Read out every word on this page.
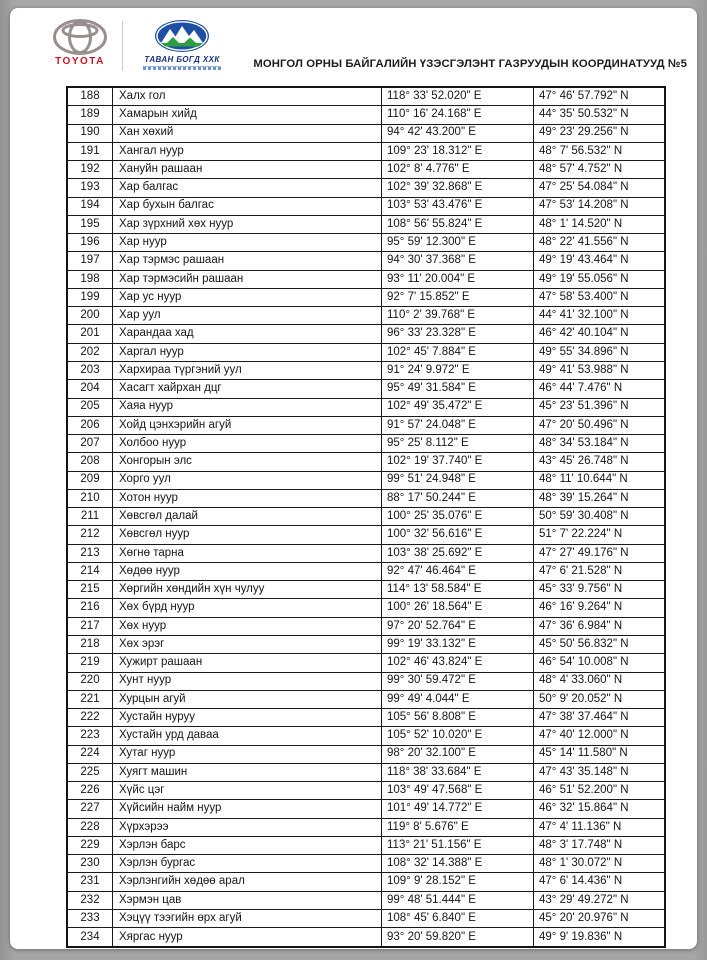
TOYOTA	ТАВАН БОГД ХХК	МОНГОЛ ОРНЫ БАЙГАЛИЙН ҮЗЭСГЭЛЭНТ ГАЗРУУДЫН КООРДИНАТУУД №5
188	Халх гол	118° 33' 52.020" E	47° 46' 57.792" N
189	Хамарын хийд	110° 16' 24.168" E	44° 35' 50.532" N
190	Хан хөхий	94° 42' 43.200" E	49° 23' 29.256" N
191	Хангал нуур	109° 23' 18.312" E	48° 7' 56.532" N
192	Хануйн рашаан	102° 8' 4.776" E	48° 57' 4.752" N
193	Хар балгас	102° 39' 32.868" E	47° 25' 54.084" N
194	Хар бухын балгас	103° 53' 43.476" E	47° 53' 14.208" N
195	Хар зүрхний хөх нуур	108° 56' 55.824" E	48° 1' 14.520" N
196	Хар нуур	95° 59' 12.300" E	48° 22' 41.556" N
197	Хар тэрмэс рашаан	94° 30' 37.368" E	49° 19' 43.464" N
198	Хар тэрмэсийн рашаан	93° 11' 20.004" E	49° 19' 55.056" N
199	Хар ус нуур	92° 7' 15.852" E	47° 58' 53.400" N
200	Хар уул	110° 2' 39.768" E	44° 41' 32.100" N
201	Харандаа хад	96° 33' 23.328" E	46° 42' 40.104" N
202	Харгал нуур	102° 45' 7.884" E	49° 55' 34.896" N
203	Хархираа түргэний уул	91° 24' 9.972" E	49° 41' 53.988" N
204	Хасагт хайрхан дцг	95° 49' 31.584" E	46° 44' 7.476" N
205	Хаяа нуур	102° 49' 35.472" E	45° 23' 51.396" N
206	Хойд цэнхэрийн агуй	91° 57' 24.048" E	47° 20' 50.496" N
207	Холбоо нуур	95° 25' 8.112" E	48° 34' 53.184" N
208	Хонгорын элс	102° 19' 37.740" E	43° 45' 26.748" N
209	Хорго уул	99° 51' 24.948" E	48° 11' 10.644" N
210	Хотон нуур	88° 17' 50.244" E	48° 39' 15.264" N
211	Хөвсгөл далай	100° 25' 35.076" E	50° 59' 30.408" N
212	Хөвсгөл нуур	100° 32' 56.616" E	51° 7' 22.224" N
213	Хөгнө тарна	103° 38' 25.692" E	47° 27' 49.176" N
214	Хөдөө нуур	92° 47' 46.464" E	47° 6' 21.528" N
215	Хөргийн хөндийн хүн чулуу	114° 13' 58.584" E	45° 33' 9.756" N
216	Хөх бүрд нуур	100° 26' 18.564" E	46° 16' 9.264" N
217	Хөх нуур	97° 20' 52.764" E	47° 36' 6.984" N
218	Хөх эрэг	99° 19' 33.132" E	45° 50' 56.832" N
219	Хужирт рашаан	102° 46' 43.824" E	46° 54' 10.008" N
220	Хунт нуур	99° 30' 59.472" E	48° 4' 33.060" N
221	Хурцын агуй	99° 49' 4.044" E	50° 9' 20.052" N
222	Хустайн нуруу	105° 56' 8.808" E	47° 38' 37.464" N
223	Хустайн урд даваа	105° 52' 10.020" E	47° 40' 12.000" N
224	Хутаг нуур	98° 20' 32.100" E	45° 14' 11.580" N
225	Хуягт машин	118° 38' 33.684" E	47° 43' 35.148" N
226	Хүйс цэг	103° 49' 47.568" E	46° 51' 52.200" N
227	Хүйсийн найм нуур	101° 49' 14.772" E	46° 32' 15.864" N
228	Хүрхэрээ	119° 8' 5.676" E	47° 4' 11.136" N
229	Хэрлэн барс	113° 21' 51.156" E	48° 3' 17.748" N
230	Хэрлэн бургас	108° 32' 14.388" E	48° 1' 30.072" N
231	Хэрлэнгийн хөдөө арал	109° 9' 28.152" E	47° 6' 14.436" N
232	Хэрмэн цав	99° 48' 51.444" E	43° 29' 49.272" N
233	Хэцүү тээгийн өрх агуй	108° 45' 6.840" E	45° 20' 20.976" N
234	Хяргас нуур	93° 20' 59.820" E	49° 9' 19.836" N
